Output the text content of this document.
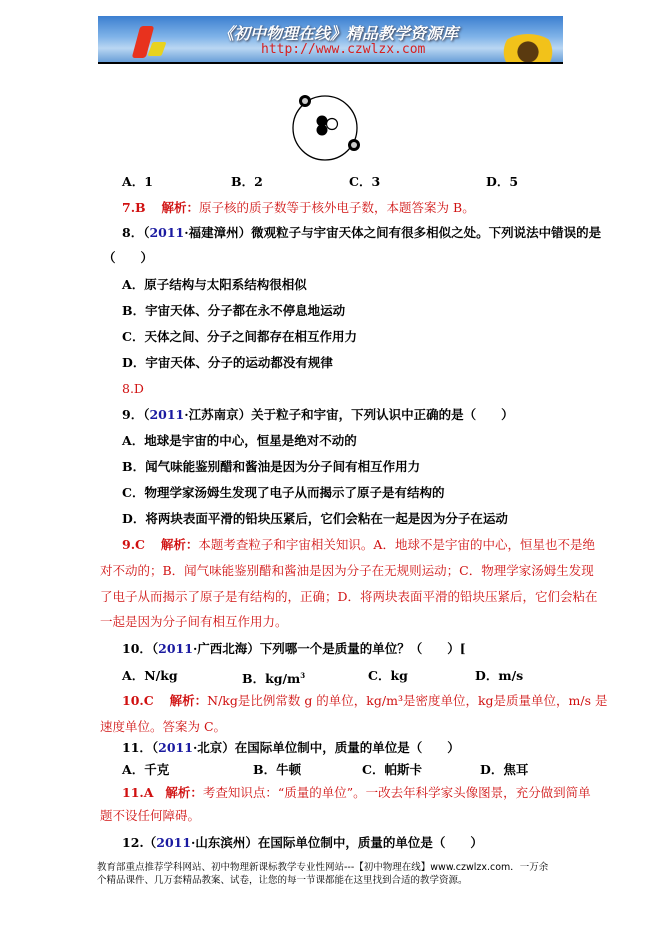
《初中物理在线》精品教学资源库
http://www.czwlzx.com
A．1	B．2	C．3	D．5
7.B 解析：原子核的质子数等于核外电子数，本题答案为 B。
8．（2011·福建漳州）微观粒子与宇宙天体之间有很多相似之处。下列说法中错误的是
（　　）
A．原子结构与太阳系结构很相似
B．宇宙天体、分子都在永不停息地运动
C．天体之间、分子之间都存在相互作用力
D．宇宙天体、分子的运动都没有规律
8.D
9．（2011·江苏南京）关于粒子和宇宙，下列认识中正确的是（　　）
A．地球是宇宙的中心，恒星是绝对不动的
B．闻气味能鉴别醋和酱油是因为分子间有相互作用力
C．物理学家汤姆生发现了电子从而揭示了原子是有结构的
D．将两块表面平滑的铅块压紧后，它们会粘在一起是因为分子在运动
9.C 解析：本题考查粒子和宇宙相关知识。A．地球不是宇宙的中心，恒星也不是绝
对不动的；B．闻气味能鉴别醋和酱油是因为分子在无规则运动；C．物理学家汤姆生发现
了电子从而揭示了原子是有结构的，正确；D．将两块表面平滑的铅块压紧后，它们会粘在
一起是因为分子间有相互作用力。
10．（2011·广西北海）下列哪一个是质量的单位？（　　）[
A．N/kg	B．$kg/m^3$	C．kg	D．m/s
10.C 解析：N/kg是比例常数 g 的单位，kg/m³是密度单位，kg是质量单位，m/s 是
速度单位。答案为 C。
11．（2011·北京）在国际单位制中，质量的单位是（　　）
A．千克	B．牛顿	C．帕斯卡	D．焦耳
11.A 解析：考查知识点：“质量的单位”。一改去年科学家头像图景，充分做到简单
题不设任何障碍。
12.（2011·山东滨州）在国际单位制中，质量的单位是（　　）
教育部重点推荐学科网站、初中物理新课标教学专业性网站---【初中物理在线】www.czwlzx.com．一万余
个精品课件、几万套精品教案、试卷，让您的每一节课都能在这里找到合适的教学资源。
